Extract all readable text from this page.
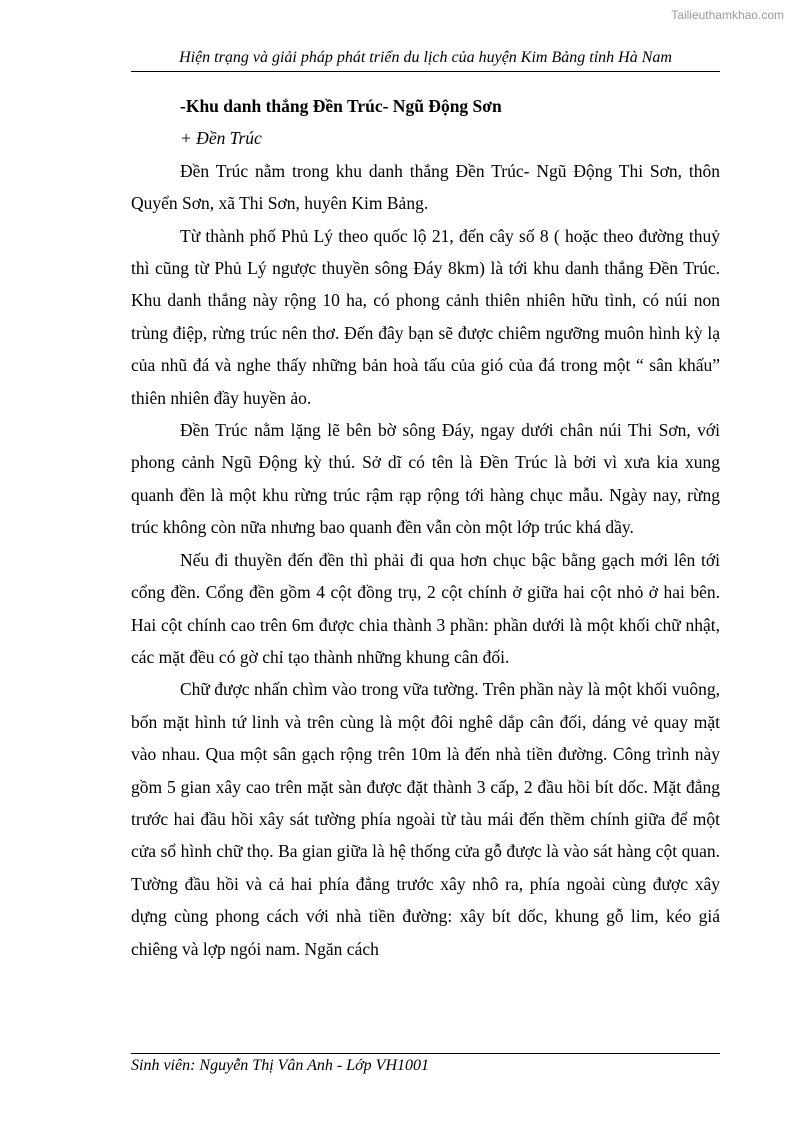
Tailieuthamkhao.com
Hiện trạng và giải pháp phát triển du lịch của huyện Kim Bảng tỉnh Hà Nam

-Khu danh thắng Đền Trúc- Ngũ Động Sơn

+ Đền Trúc

Đền Trúc nằm trong khu danh thắng Đền Trúc- Ngũ Động Thi Sơn, thôn Quyển Sơn, xã Thi Sơn, huyên Kim Bảng.

Từ thành phố Phủ Lý theo quốc lộ 21, đến cây số 8 ( hoặc theo đường thuỷ thì cũng từ Phủ Lý ngược thuyền sông Đáy 8km) là tới khu danh thắng Đền Trúc. Khu danh thắng này rộng 10 ha, có phong cảnh thiên nhiên hữu tình, có núi non trùng điệp, rừng trúc nên thơ. Đến đây bạn sẽ được chiêm ngưỡng muôn hình kỳ lạ của nhũ đá và nghe thấy những bản hoà tấu của gió của đá trong một “ sân khấu” thiên nhiên đầy huyền ảo.

Đền Trúc nằm lặng lẽ bên bờ sông Đáy, ngay dưới chân núi Thi Sơn, với phong cảnh Ngũ Động kỳ thú. Sở dĩ có tên là Đền Trúc là bởi vì xưa kia xung quanh đền là một khu rừng trúc rậm rạp rộng tới hàng chục mẫu. Ngày nay, rừng trúc không còn nữa nhưng bao quanh đền vẫn còn một lớp trúc khá dầy.

Nếu đi thuyền đến đền thì phải đi qua hơn chục bậc bằng gạch mới lên tới cổng đền. Cổng đền gồm 4 cột đồng trụ, 2 cột chính ở giữa hai cột nhỏ ở hai bên. Hai cột chính cao trên 6m được chia thành 3 phần: phần dưới là một khối chữ nhật, các mặt đều có gờ chỉ tạo thành những khung cân đối.

Chữ được nhấn chìm vào trong vữa tường. Trên phần này là một khối vuông, bốn mặt hình tứ linh và trên cùng là một đôi nghê dắp cân đối, dáng vẻ quay mặt vào nhau. Qua một sân gạch rộng trên 10m là đến nhà tiền đường. Công trình này gồm 5 gian xây cao trên mặt sàn được đặt thành 3 cấp, 2 đầu hồi bít dốc. Mặt đẳng trước hai đầu hồi xây sát tường phía ngoài từ tàu mái đến thềm chính giữa để một cửa sổ hình chữ thọ. Ba gian giữa là hệ thống cửa gỗ được là vào sát hàng cột quan. Tường đầu hồi và cả hai phía đẳng trước xây nhô ra, phía ngoài cùng được xây dựng cùng phong cách với nhà tiền đường: xây bít dốc, khung gỗ lim, kéo giá chiêng và lợp ngói nam. Ngăn cách

Sinh viên: Nguyễn Thị Vân Anh - Lớp VH1001
